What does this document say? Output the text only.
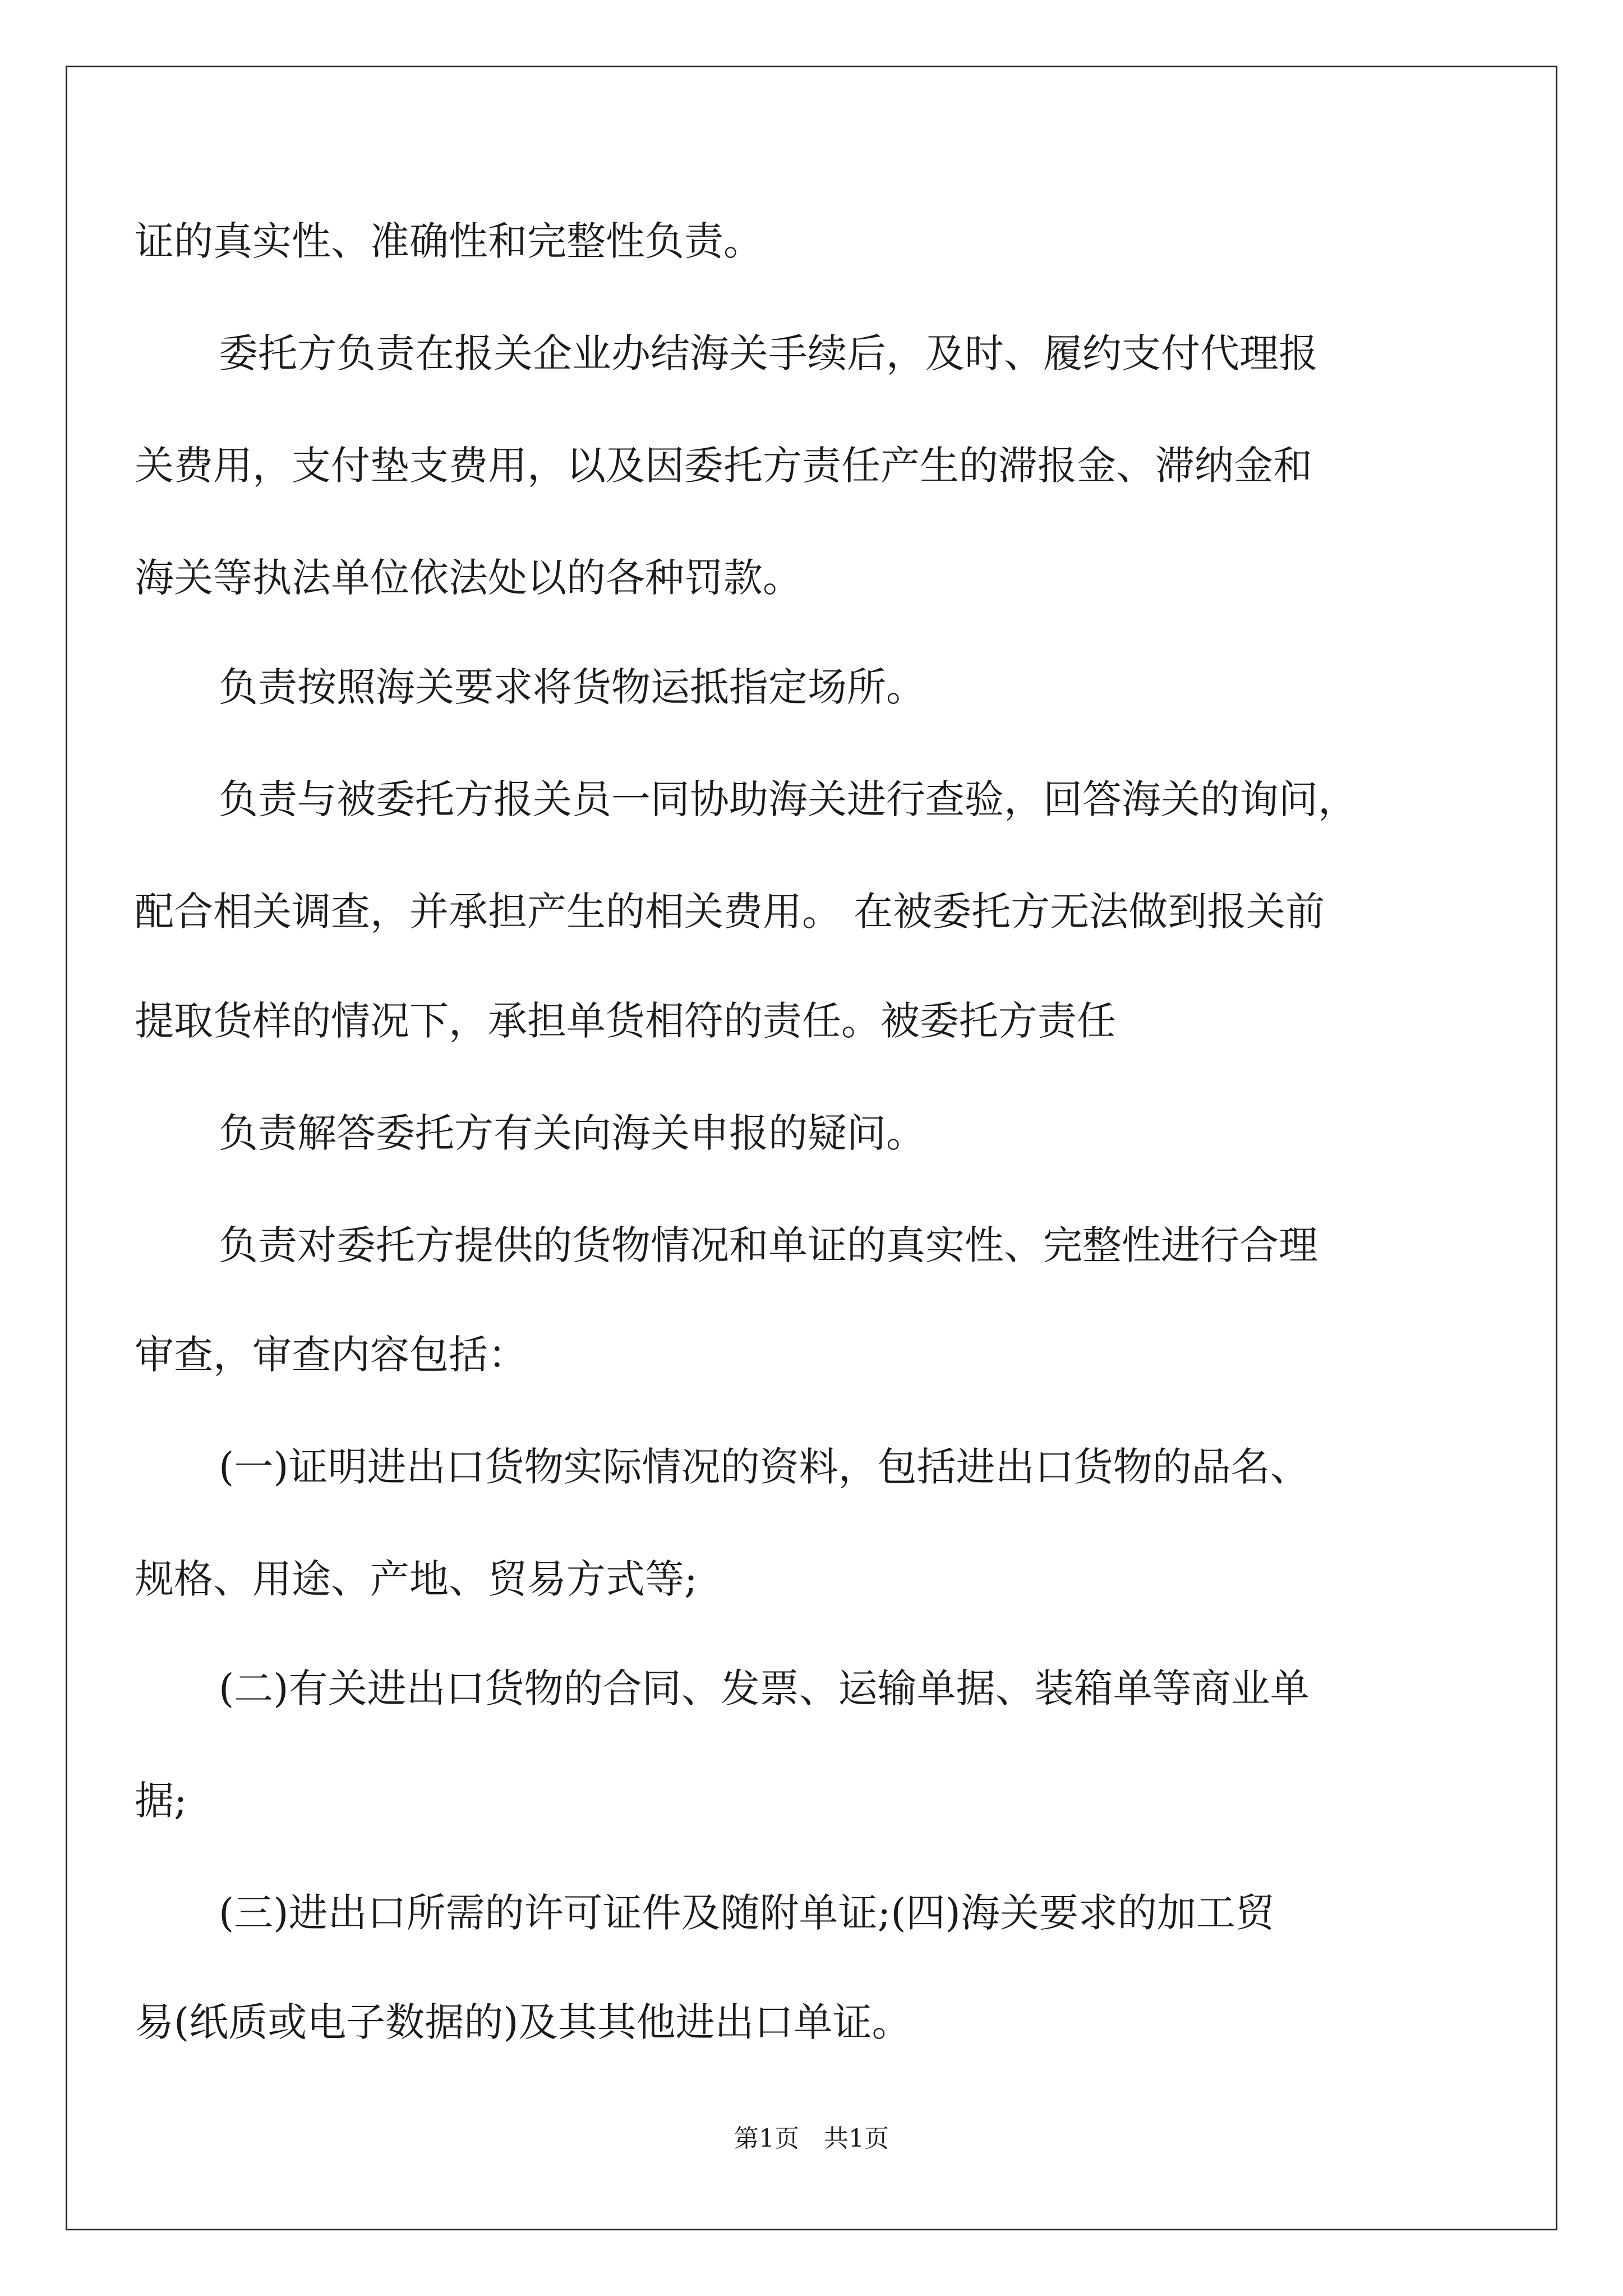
证的真实性、准确性和完整性负责。

委托方负责在报关企业办结海关手续后，及时、履约支付代理报

关费用，支付垫支费用，以及因委托方责任产生的滞报金、滞纳金和

海关等执法单位依法处以的各种罚款。

负责按照海关要求将货物运抵指定场所。

负责与被委托方报关员一同协助海关进行查验，回答海关的询问，

配合相关调查，并承担产生的相关费用。 在被委托方无法做到报关前

提取货样的情况下，承担单货相符的责任。被委托方责任

负责解答委托方有关向海关申报的疑问。

负责对委托方提供的货物情况和单证的真实性、完整性进行合理

审查，审查内容包括：

(一)证明进出口货物实际情况的资料，包括进出口货物的品名、

规格、用途、产地、贸易方式等;

(二)有关进出口货物的合同、发票、运输单据、装箱单等商业单

据;

(三)进出口所需的许可证件及随附单证;(四)海关要求的加工贸

易(纸质或电子数据的)及其其他进出口单证。

第1页 共1页
